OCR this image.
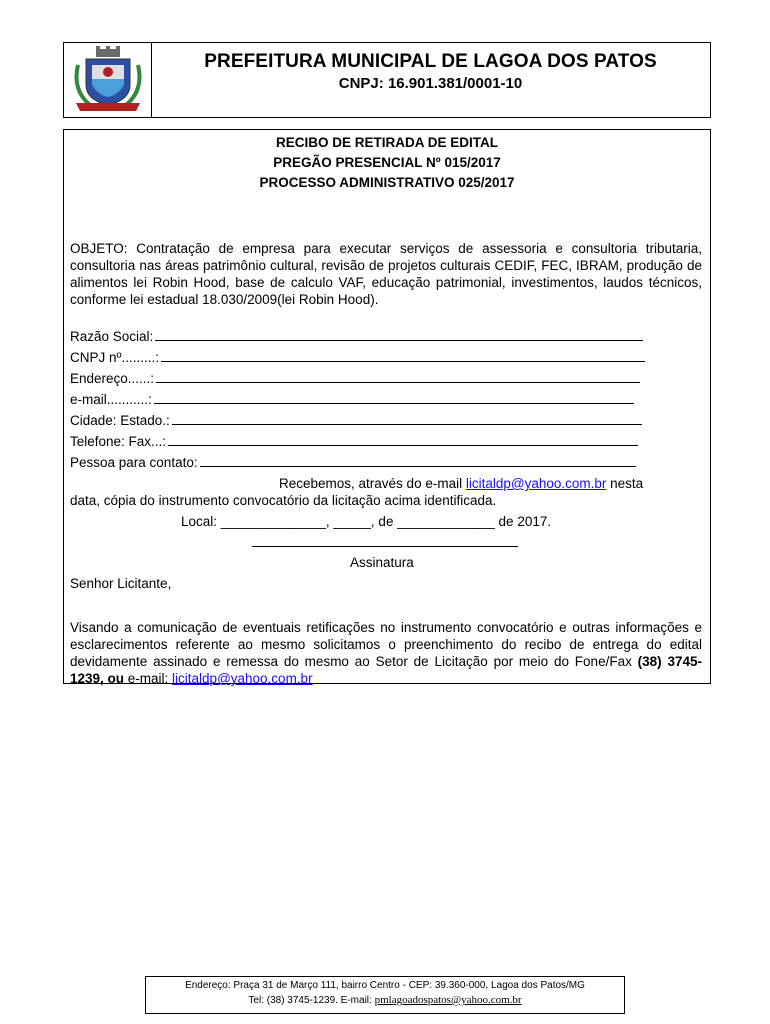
PREFEITURA MUNICIPAL DE LAGOA DOS PATOS
CNPJ: 16.901.381/0001-10
RECIBO DE RETIRADA DE EDITAL
PREGÃO PRESENCIAL Nº 015/2017
PROCESSO ADMINISTRATIVO 025/2017
OBJETO: Contratação de empresa para executar serviços de assessoria e consultoria tributaria, consultoria nas áreas patrimônio cultural, revisão de projetos culturais CEDIF, FEC, IBRAM, produção de alimentos lei Robin Hood, base de calculo VAF, educação patrimonial, investimentos, laudos técnicos, conforme lei estadual 18.030/2009(lei Robin Hood).
Razão Social:
CNPJ nº.........:
Endereço......:
e-mail...........:
Cidade: Estado.:
Telefone: Fax...:
Pessoa para contato:
Recebemos, através do e-mail licitaldp@yahoo.com.br nesta
data, cópia do instrumento convocatório da licitação acima identificada.
Local: ______________, _____, de _____________ de 2017.
Assinatura
Senhor Licitante,
Visando a comunicação de eventuais retificações no instrumento convocatório e outras informações e esclarecimentos referente ao mesmo solicitamos o preenchimento do recibo de entrega do edital devidamente assinado e remessa do mesmo ao Setor de Licitação por meio do Fone/Fax (38) 3745-1239, ou e-mail: licitaldp@yahoo.com.br
Endereço: Praça 31 de Março 111, bairro Centro - CEP: 39.360-000, Lagoa dos Patos/MG
Tel: (38) 3745-1239. E-mail: pmlagoadospatos@yahoo.com.br
